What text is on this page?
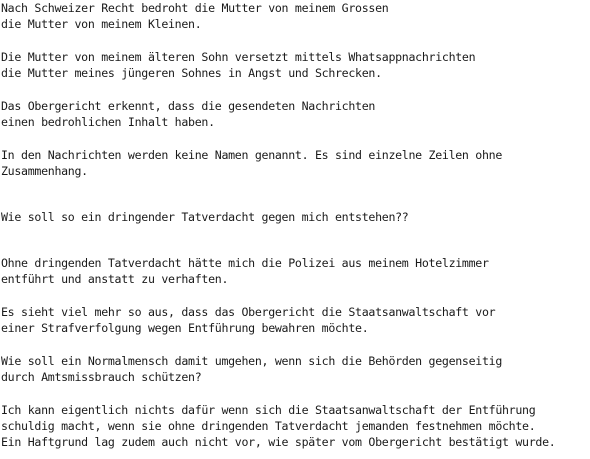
Nach Schweizer Recht bedroht die Mutter von meinem Grossen
die Mutter von meinem Kleinen.
Die Mutter von meinem älteren Sohn versetzt mittels Whatsappnachrichten
die Mutter meines jüngeren Sohnes in Angst und Schrecken.
Das Obergericht erkennt, dass die gesendeten Nachrichten
einen bedrohlichen Inhalt haben.
In den Nachrichten werden keine Namen genannt. Es sind einzelne Zeilen ohne
Zusammenhang.
Wie soll so ein dringender Tatverdacht gegen mich entstehen??
Ohne dringenden Tatverdacht hätte mich die Polizei aus meinem Hotelzimmer
entführt und anstatt zu verhaften.
Es sieht viel mehr so aus, dass das Obergericht die Staatsanwaltschaft vor
einer Strafverfolgung wegen Entführung bewahren möchte.
Wie soll ein Normalmensch damit umgehen, wenn sich die Behörden gegenseitig
durch Amtsmissbrauch schützen?
Ich kann eigentlich nichts dafür wenn sich die Staatsanwaltschaft der Entführung
schuldig macht, wenn sie ohne dringenden Tatverdacht jemanden festnehmen möchte.
Ein Haftgrund lag zudem auch nicht vor, wie später vom Obergericht bestätigt wurde.
